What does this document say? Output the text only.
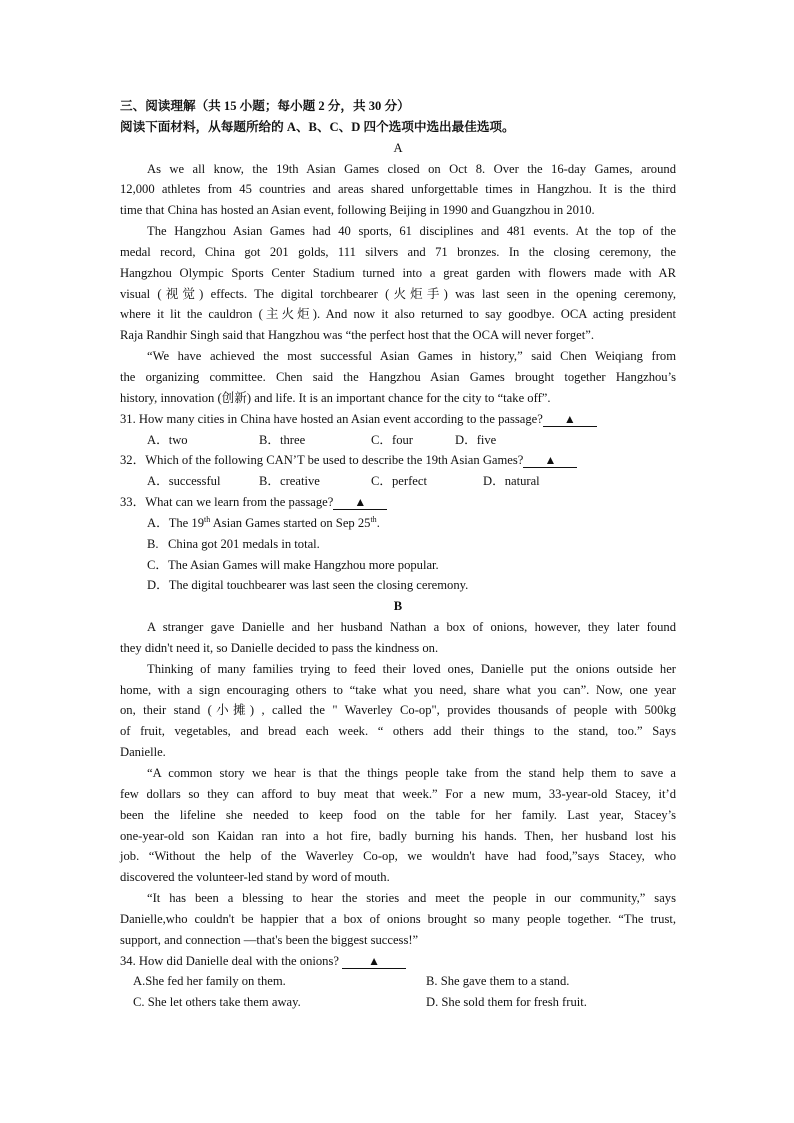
三、阅读理解（共 15 小题；每小题 2 分，共 30 分）
阅读下面材料，从每题所给的 A、B、C、D 四个选项中选出最佳选项。
A
As we all know, the 19th Asian Games closed on Oct 8. Over the 16-day Games, around
12,000 athletes from 45 countries and areas shared unforgettable times in Hangzhou. It is the third
time that China has hosted an Asian event, following Beijing in 1990 and Guangzhou in 2010.
The Hangzhou Asian Games had 40 sports, 61 disciplines and 481 events. At the top of the
medal record, China got 201 golds, 111 silvers and 71 bronzes. In the closing ceremony, the
Hangzhou Olympic Sports Center Stadium turned into a great garden with flowers made with AR
visual (视觉) effects. The digital torchbearer (火炬手) was last seen in the opening ceremony,
where it lit the cauldron (主火炬). And now it also returned to say goodbye. OCA acting president
Raja Randhir Singh said that Hangzhou was “the perfect host that the OCA will never forget”.
“We have achieved the most successful Asian Games in history,” said Chen Weiqiang from
the organizing committee. Chen said the Hangzhou Asian Games brought together Hangzhou’s
history, innovation (创新) and life. It is an important chance for the city to “take off”.
31. How many cities in China have hosted an Asian event according to the passage? ▲
A．two	B．three	C．four	D．five
32．Which of the following CAN’T be used to describe the 19th Asian Games? ▲
A．successful	B．creative	C．perfect	D．natural
33．What can we learn from the passage? ▲
A．The 19th Asian Games started on Sep 25th.
B.   China got 201 medals in total.
C．The Asian Games will make Hangzhou more popular.
D．The digital touchbearer was last seen the closing ceremony.
B
A stranger gave Danielle and her husband Nathan a box of onions, however, they later found
they didn't need it, so Danielle decided to pass the kindness on.
Thinking of many families trying to feed their loved ones, Danielle put the onions outside her
home, with a sign encouraging others to “take what you need, share what you can”. Now, one year
on, their stand (小摊) , called the " Waverley Co-op", provides thousands of people with 500kg
of fruit, vegetables, and bread each week. “ others add their things to the stand, too.” Says
Danielle.
“A common story we hear is that the things people take from the stand help them to save a
few dollars so they can afford to buy meat that week.” For a new mum, 33-year-old Stacey, it’d
been the lifeline she needed to keep food on the table for her family. Last year, Stacey’s
one-year-old son Kaidan ran into a hot fire, badly burning his hands. Then, her husband lost his
job. “Without the help of the Waverley Co-op, we wouldn't have had food,”says Stacey, who
discovered the volunteer-led stand by word of mouth.
“It has been a blessing to hear the stories and meet the people in our community,” says
Danielle,who couldn't be happier that a box of onions brought so many people together. “The trust,
support, and connection —that's been the biggest success!”
34. How did Danielle deal with the onions? ▲
A.She fed her family on them.	B. She gave them to a stand.
C. She let others take them away.	D. She sold them for fresh fruit.
